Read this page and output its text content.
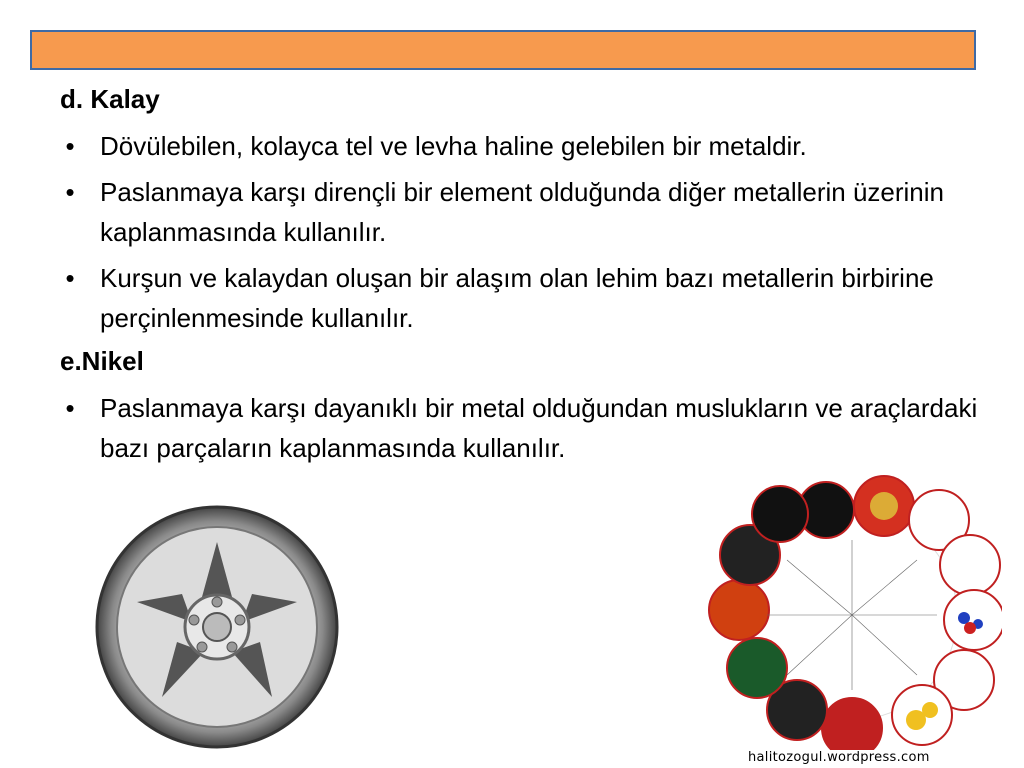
d. Kalay
• Dövülebilen, kolayca tel ve levha haline gelebilen bir metaldir.
• Paslanmaya karşı dirençli bir element olduğunda diğer metallerin üzerinin kaplanmasında kullanılır.
• Kurşun ve kalaydan oluşan bir alaşım olan lehim bazı metallerin birbirine perçinlenmesinde kullanılır.
e.Nikel
• Paslanmaya karşı dayanıklı bir metal olduğundan muslukların ve araçlardaki bazı parçaların kaplanmasında kullanılır.
halitozogul.wordpress.com
